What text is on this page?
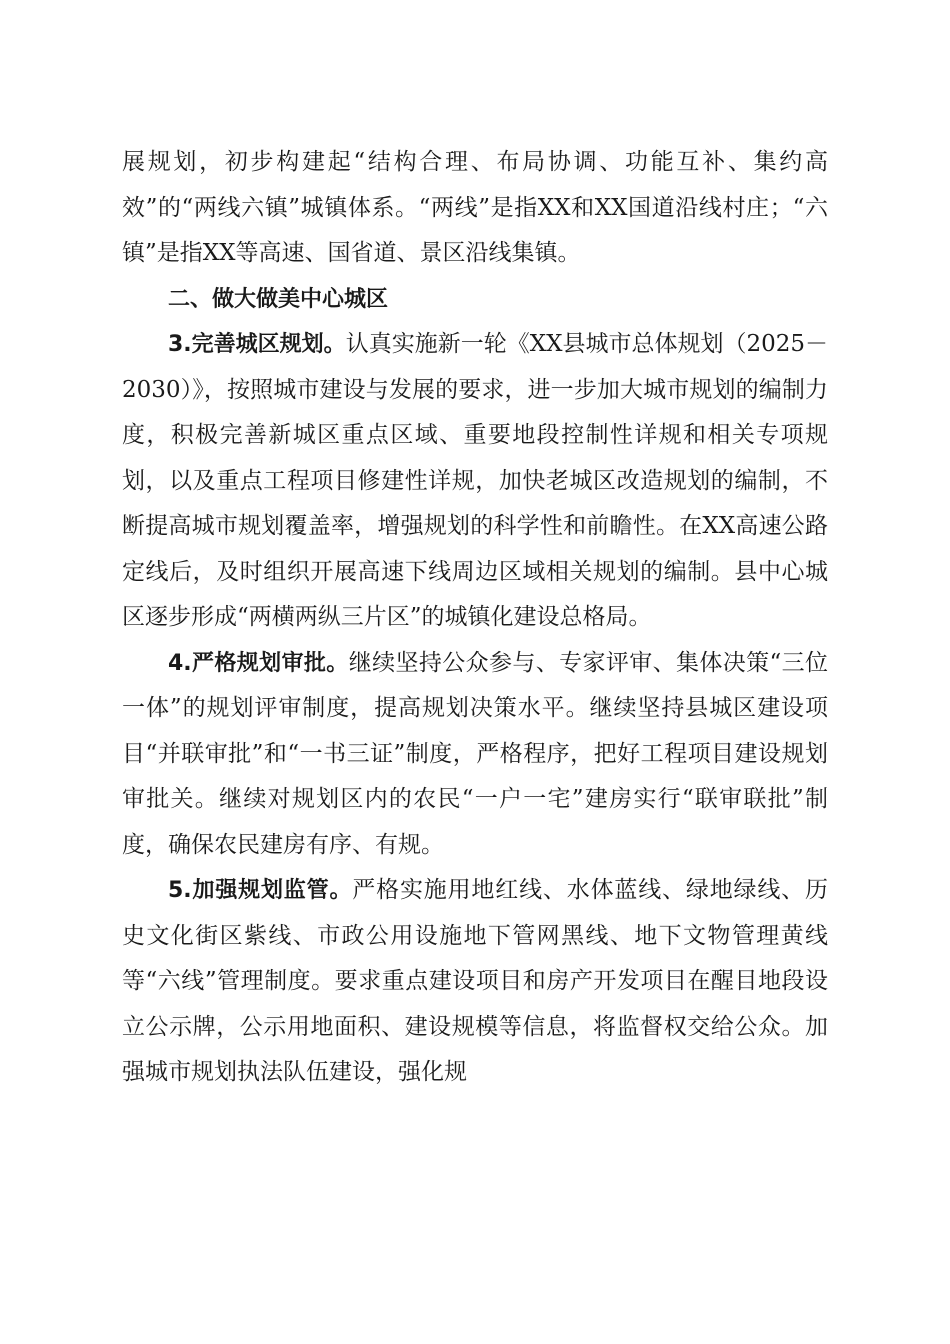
展规划，初步构建起“结构合理、布局协调、功能互补、集约高效”的“两线六镇”城镇体系。“两线”是指XX和XX国道沿线村庄；“六镇”是指XX等高速、国省道、景区沿线集镇。

二、做大做美中心城区

3.完善城区规划。认真实施新一轮《XX县城市总体规划（2025－2030）》，按照城市建设与发展的要求，进一步加大城市规划的编制力度，积极完善新城区重点区域、重要地段控制性详规和相关专项规划，以及重点工程项目修建性详规，加快老城区改造规划的编制，不断提高城市规划覆盖率，增强规划的科学性和前瞻性。在XX高速公路定线后，及时组织开展高速下线周边区域相关规划的编制。县中心城区逐步形成“两横两纵三片区”的城镇化建设总格局。

4.严格规划审批。继续坚持公众参与、专家评审、集体决策“三位一体”的规划评审制度，提高规划决策水平。继续坚持县城区建设项目“并联审批”和“一书三证”制度，严格程序，把好工程项目建设规划审批关。继续对规划区内的农民“一户一宅”建房实行“联审联批”制度，确保农民建房有序、有规。

5.加强规划监管。严格实施用地红线、水体蓝线、绿地绿线、历史文化街区紫线、市政公用设施地下管网黑线、地下文物管理黄线等“六线”管理制度。要求重点建设项目和房产开发项目在醒目地段设立公示牌，公示用地面积、建设规模等信息，将监督权交给公众。加强城市规划执法队伍建设，强化规
